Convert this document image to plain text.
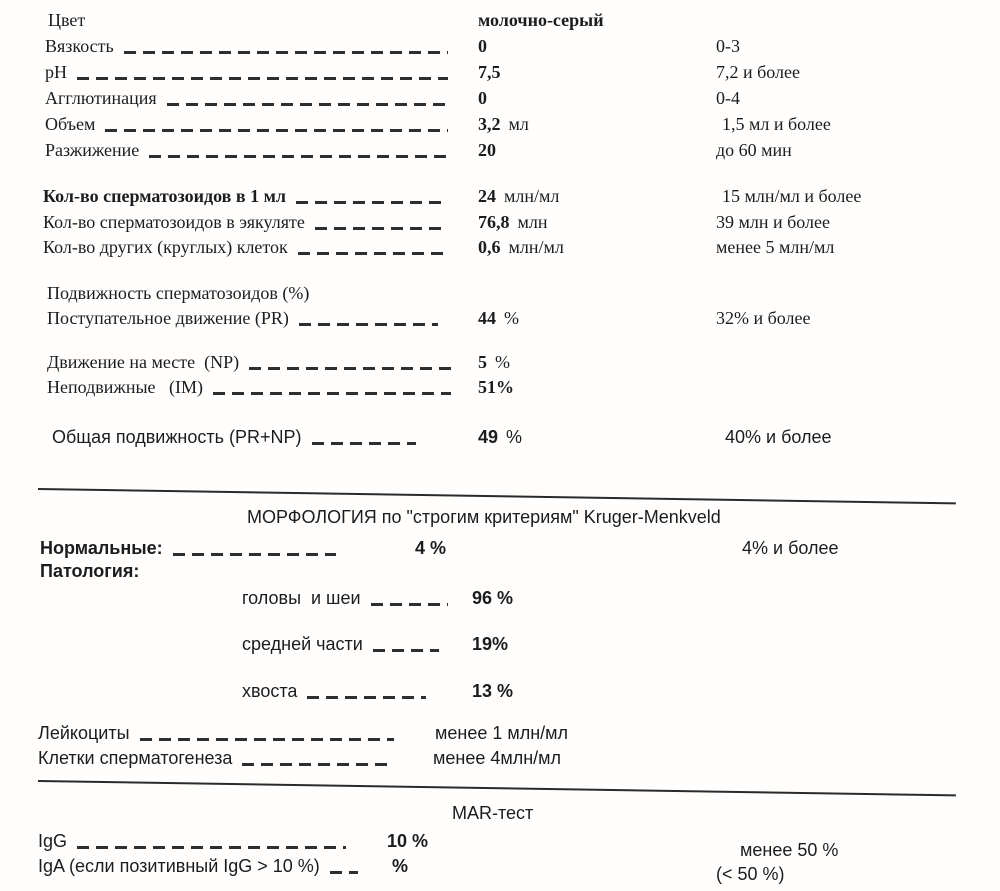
МОРФОЛОГИЯ по "строгим критериям" Kruger-Menkveld
MAR-тест
Цвет	молочно-серый
Вязкость	0	0-3
pH	7,5	7,2 и более
Агглютинация	0	0-4
Объем	3,2 мл	1,5 мл и более
Разжижение	20	до 60 мин
Кол-во сперматозоидов в 1 мл	24 млн/мл	15 млн/мл и более
Кол-во сперматозоидов в эякуляте	76,8 млн	39 млн и более
Кол-во других (круглых) клеток	0,6 млн/мл	менее 5 млн/мл
Подвижность сперматозоидов (%)
Поступательное движение (PR)	44 %	32% и более
Движение на месте  (NP)	5 %
Неподвижные   (IM)	51%
Общая подвижность (PR+NP)	49 %	40% и более
Нормальные:	4 %	4% и более
Патология:
головы  и шеи	96 %
средней части	19%
хвоста	13 %
Лейкоциты	менее 1 млн/мл
Клетки сперматогенеза	менее 4млн/мл
IgG	10 %	менее 50 %
IgA (если позитивный IgG > 10 %)	%	(< 50 %)
